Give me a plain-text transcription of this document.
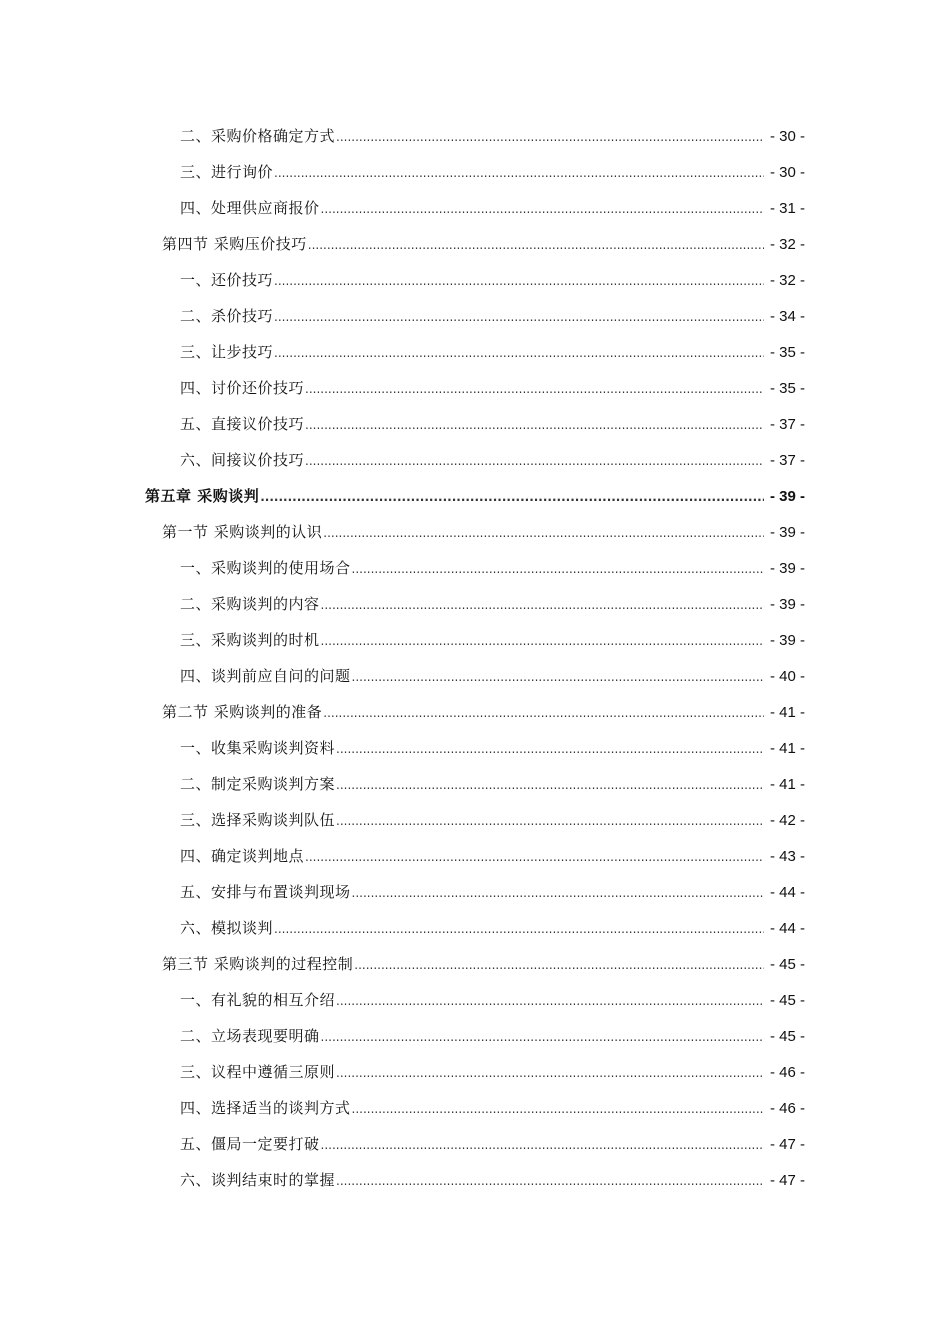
二、采购价格确定方式 .....	- 30 -
三、进行询价 .....	- 30 -
四、处理供应商报价 .....	- 31 -
第四节 采购压价技巧 .....	- 32 -
一、还价技巧 .....	- 32 -
二、杀价技巧 .....	- 34 -
三、让步技巧 .....	- 35 -
四、讨价还价技巧 .....	- 35 -
五、直接议价技巧 .....	- 37 -
六、间接议价技巧 .....	- 37 -
第五章 采购谈判 .....	- 39 -
第一节 采购谈判的认识 .....	- 39 -
一、采购谈判的使用场合 .....	- 39 -
二、采购谈判的内容 .....	- 39 -
三、采购谈判的时机 .....	- 39 -
四、谈判前应自问的问题 .....	- 40 -
第二节 采购谈判的准备 .....	- 41 -
一、收集采购谈判资料 .....	- 41 -
二、制定采购谈判方案 .....	- 41 -
三、选择采购谈判队伍 .....	- 42 -
四、确定谈判地点 .....	- 43 -
五、安排与布置谈判现场 .....	- 44 -
六、模拟谈判 .....	- 44 -
第三节 采购谈判的过程控制 .....	- 45 -
一、有礼貌的相互介绍 .....	- 45 -
二、立场表现要明确 .....	- 45 -
三、议程中遵循三原则 .....	- 46 -
四、选择适当的谈判方式 .....	- 46 -
五、僵局一定要打破 .....	- 47 -
六、谈判结束时的掌握 .....	- 47 -
